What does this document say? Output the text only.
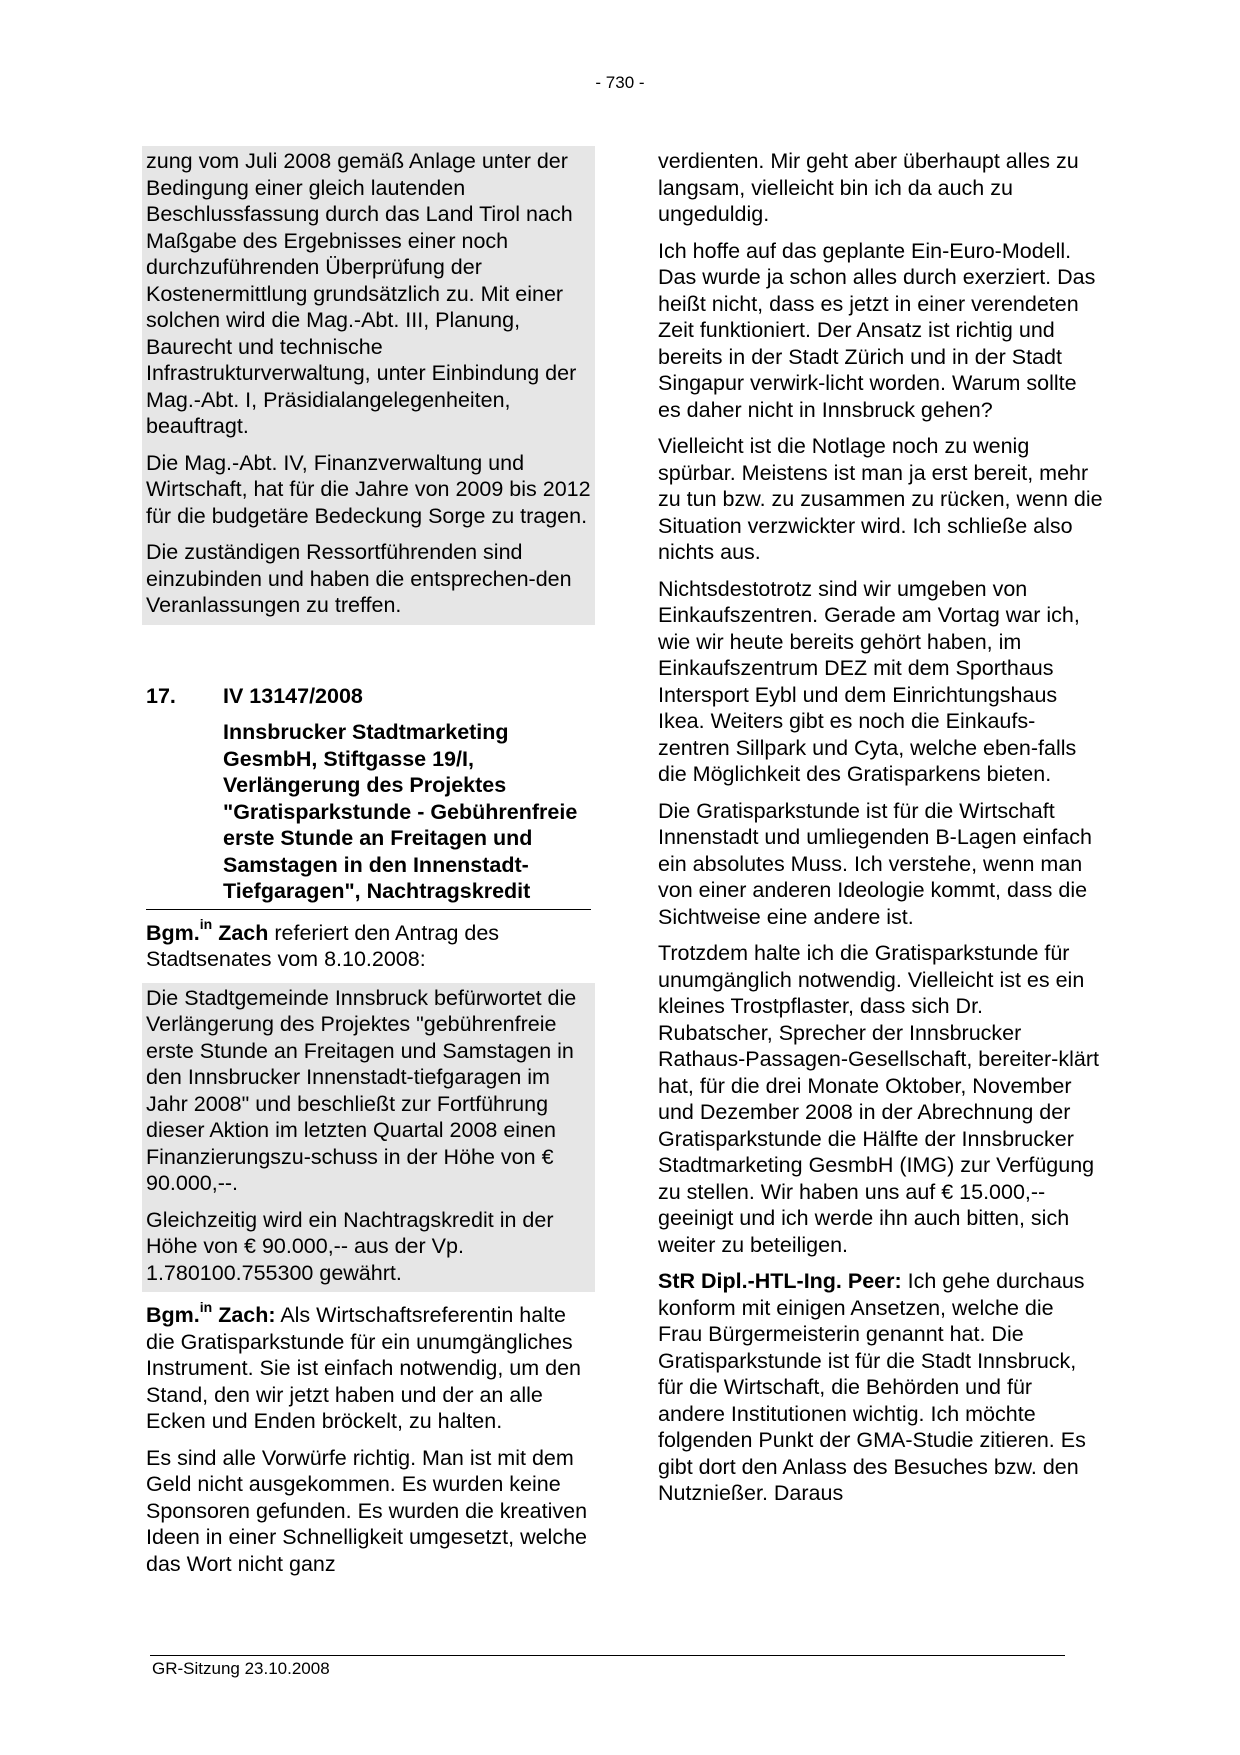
- 730 -

zung vom Juli 2008 gemäß Anlage unter der Bedingung einer gleich lautenden Beschlussfassung durch das Land Tirol nach Maßgabe des Ergebnisses einer noch durchzuführenden Überprüfung der Kostenermittlung grundsätzlich zu. Mit einer solchen wird die Mag.-Abt. III, Planung, Baurecht und technische Infrastrukturverwaltung, unter Einbindung der Mag.-Abt. I, Präsidialangelegenheiten, beauftragt.

Die Mag.-Abt. IV, Finanzverwaltung und Wirtschaft, hat für die Jahre von 2009 bis 2012 für die budgetäre Bedeckung Sorge zu tragen.

Die zuständigen Ressortführenden sind einzubinden und haben die entsprechen-den Veranlassungen zu treffen.

17.	IV 13147/2008
Innsbrucker Stadtmarketing GesmbH, Stiftgasse 19/I, Verlängerung des Projektes "Gratisparkstunde - Gebührenfreie erste Stunde an Freitagen und Samstagen in den Innenstadt-Tiefgaragen", Nachtragskredit

Bgm.$^{in}$ Zach referiert den Antrag des Stadtsenates vom 8.10.2008:

Die Stadtgemeinde Innsbruck befürwortet die Verlängerung des Projektes "gebührenfreie erste Stunde an Freitagen und Samstagen in den Innsbrucker Innenstadt-tiefgaragen im Jahr 2008" und beschließt zur Fortführung dieser Aktion im letzten Quartal 2008 einen Finanzierungszu-schuss in der Höhe von € 90.000,--.

Gleichzeitig wird ein Nachtragskredit in der Höhe von € 90.000,-- aus der Vp. 1.780100.755300 gewährt.

Bgm.$^{in}$ Zach: Als Wirtschaftsreferentin halte die Gratisparkstunde für ein unumgängliches Instrument. Sie ist einfach notwendig, um den Stand, den wir jetzt haben und der an alle Ecken und Enden bröckelt, zu halten.

Es sind alle Vorwürfe richtig. Man ist mit dem Geld nicht ausgekommen. Es wurden keine Sponsoren gefunden. Es wurden die kreativen Ideen in einer Schnelligkeit umgesetzt, welche das Wort nicht ganz

verdienten. Mir geht aber überhaupt alles zu langsam, vielleicht bin ich da auch zu ungeduldig.

Ich hoffe auf das geplante Ein-Euro-Modell. Das wurde ja schon alles durch exerziert. Das heißt nicht, dass es jetzt in einer verendeten Zeit funktioniert. Der Ansatz ist richtig und bereits in der Stadt Zürich und in der Stadt Singapur verwirk-licht worden. Warum sollte es daher nicht in Innsbruck gehen?

Vielleicht ist die Notlage noch zu wenig spürbar. Meistens ist man ja erst bereit, mehr zu tun bzw. zu zusammen zu rücken, wenn die Situation verzwickter wird. Ich schließe also nichts aus.

Nichtsdestotrotz sind wir umgeben von Einkaufszentren. Gerade am Vortag war ich, wie wir heute bereits gehört haben, im Einkaufszentrum DEZ mit dem Sporthaus Intersport Eybl und dem Einrichtungshaus Ikea. Weiters gibt es noch die Einkaufs-zentren Sillpark und Cyta, welche eben-falls die Möglichkeit des Gratisparkens bieten.

Die Gratisparkstunde ist für die Wirtschaft Innenstadt und umliegenden B-Lagen einfach ein absolutes Muss. Ich verstehe, wenn man von einer anderen Ideologie kommt, dass die Sichtweise eine andere ist.

Trotzdem halte ich die Gratisparkstunde für unumgänglich notwendig. Vielleicht ist es ein kleines Trostpflaster, dass sich Dr. Rubatscher, Sprecher der Innsbrucker Rathaus-Passagen-Gesellschaft, bereiter-klärt hat, für die drei Monate Oktober, November und Dezember 2008 in der Abrechnung der Gratisparkstunde die Hälfte der Innsbrucker Stadtmarketing GesmbH (IMG) zur Verfügung zu stellen. Wir haben uns auf € 15.000,-- geeinigt und ich werde ihn auch bitten, sich weiter zu beteiligen.

StR Dipl.-HTL-Ing. Peer: Ich gehe durchaus konform mit einigen Ansetzen, welche die Frau Bürgermeisterin genannt hat. Die Gratisparkstunde ist für die Stadt Innsbruck, für die Wirtschaft, die Behörden und für andere Institutionen wichtig. Ich möchte folgenden Punkt der GMA-Studie zitieren. Es gibt dort den Anlass des Besuches bzw. den Nutznießer. Daraus

GR-Sitzung 23.10.2008
